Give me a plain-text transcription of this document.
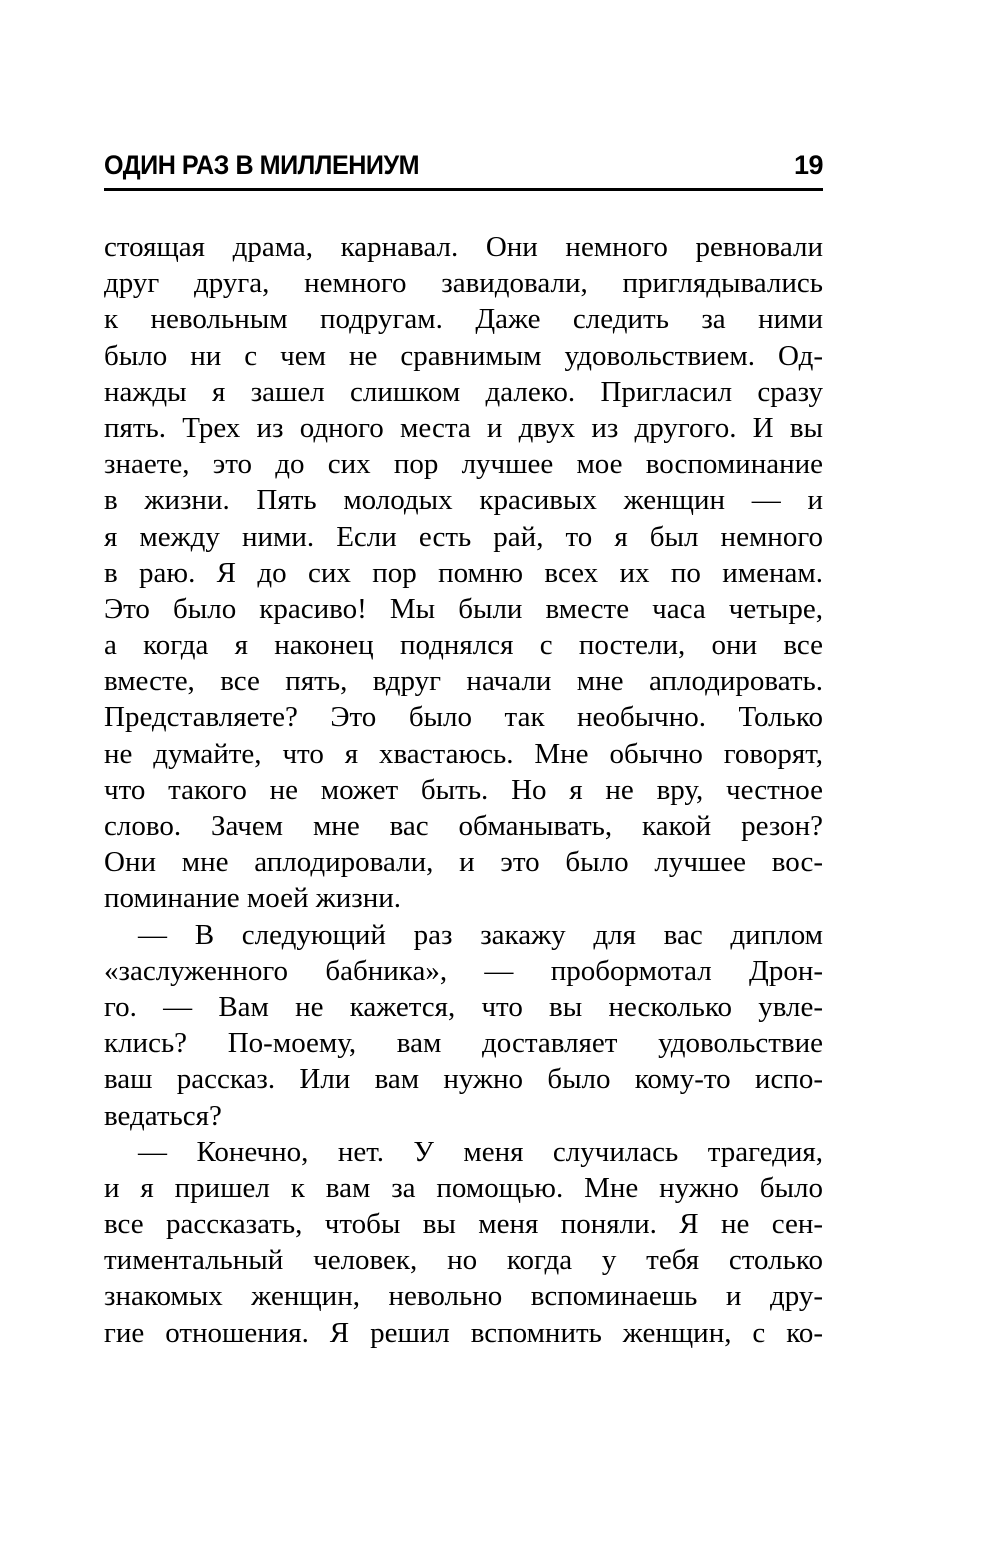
ОДИН РАЗ В МИЛЛЕНИУМ	19
стоящая драма, карнавал. Они немного ревновали
друг друга, немного завидовали, приглядывались
к невольным подругам. Даже следить за ними
было ни с чем не сравнимым удовольствием. Од-
нажды я зашел слишком далеко. Пригласил сразу
пять. Трех из одного места и двух из другого. И вы
знаете, это до сих пор лучшее мое воспоминание
в жизни. Пять молодых красивых женщин — и
я между ними. Если есть рай, то я был немного
в раю. Я до сих пор помню всех их по именам.
Это было красиво! Мы были вместе часа четыре,
а когда я наконец поднялся с постели, они все
вместе, все пять, вдруг начали мне аплодировать.
Представляете? Это было так необычно. Только
не думайте, что я хвастаюсь. Мне обычно говорят,
что такого не может быть. Но я не вру, честное
слово. Зачем мне вас обманывать, какой резон?
Они мне аплодировали, и это было лучшее вос-
поминание моей жизни.
— В следующий раз закажу для вас диплом
«заслуженного бабника», — пробормотал Дрон-
го. — Вам не кажется, что вы несколько увле-
клись? По-моему, вам доставляет удовольствие
ваш рассказ. Или вам нужно было кому-то испо-
ведаться?
— Конечно, нет. У меня случилась трагедия,
и я пришел к вам за помощью. Мне нужно было
все рассказать, чтобы вы меня поняли. Я не сен-
тиментальный человек, но когда у тебя столько
знакомых женщин, невольно вспоминаешь и дру-
гие отношения. Я решил вспомнить женщин, с ко-
